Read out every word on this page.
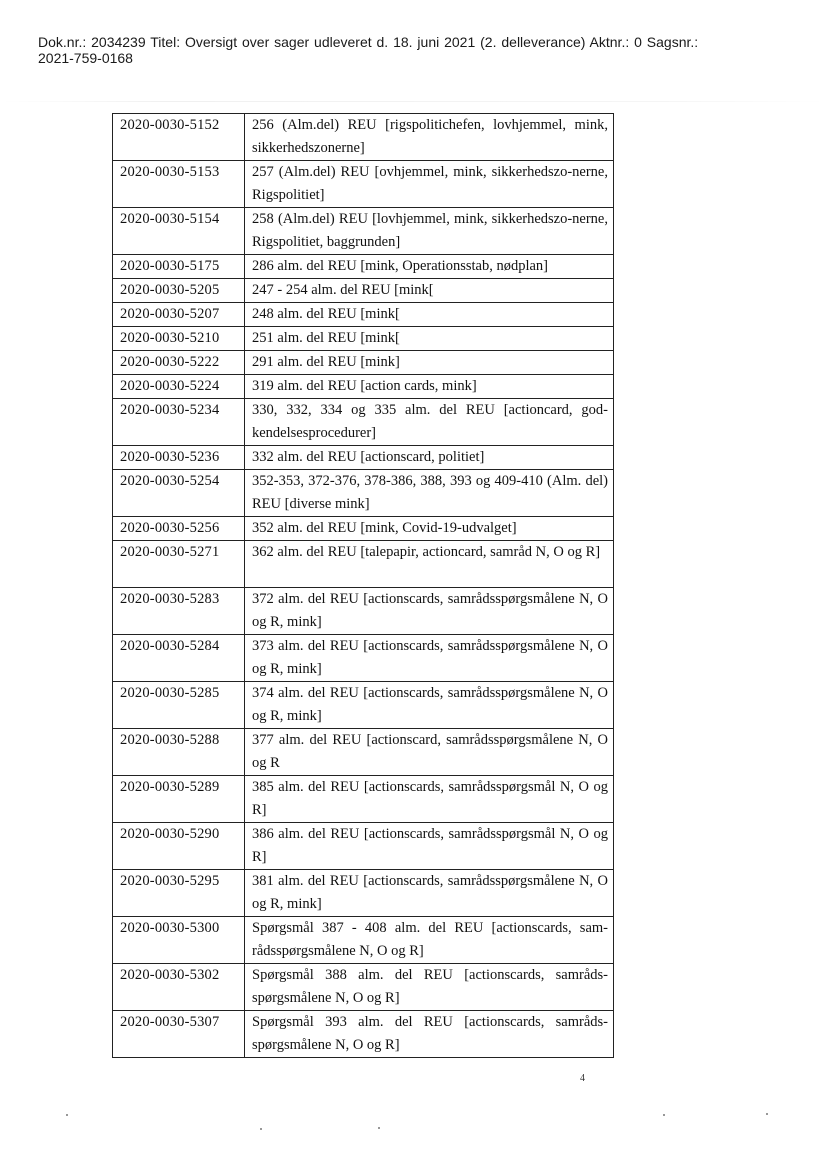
Dok.nr.: 2034239 Titel: Oversigt over sager udleveret d. 18. juni 2021 (2. delleverance) Aktnr.: 0 Sagsnr.:
2021-759-0168
2020-0030-5152	256 (Alm.del) REU [rigspolitichefen, lovhjemmel, mink, sikkerhedszonerne]
2020-0030-5153	257 (Alm.del) REU [ovhjemmel, mink, sikkerhedszo-nerne, Rigspolitiet]
2020-0030-5154	258 (Alm.del) REU [lovhjemmel, mink, sikkerhedszo-nerne, Rigspolitiet, baggrunden]
2020-0030-5175	286 alm. del REU [mink, Operationsstab, nødplan]
2020-0030-5205	247 - 254 alm. del REU [mink[
2020-0030-5207	248 alm. del REU [mink[
2020-0030-5210	251 alm. del REU [mink[
2020-0030-5222	291 alm. del REU [mink]
2020-0030-5224	319 alm. del REU [action cards, mink]
2020-0030-5234	330, 332, 334 og 335 alm. del REU [actioncard, god-kendelsesprocedurer]
2020-0030-5236	332 alm. del REU [actionscard, politiet]
2020-0030-5254	352-353, 372-376, 378-386, 388, 393 og 409-410 (Alm. del) REU [diverse mink]
2020-0030-5256	352 alm. del REU [mink, Covid-19-udvalget]
2020-0030-5271	362 alm. del REU [talepapir, actioncard, samråd N, O og R]
2020-0030-5283	372 alm. del REU [actionscards, samrådsspørgsmålene N, O og R, mink]
2020-0030-5284	373 alm. del REU [actionscards, samrådsspørgsmålene N, O og R, mink]
2020-0030-5285	374 alm. del REU [actionscards, samrådsspørgsmålene N, O og R, mink]
2020-0030-5288	377 alm. del REU [actionscard, samrådsspørgsmålene N, O og R
2020-0030-5289	385 alm. del REU [actionscards, samrådsspørgsmål N, O og R]
2020-0030-5290	386 alm. del REU [actionscards, samrådsspørgsmål N, O og R]
2020-0030-5295	381 alm. del REU [actionscards, samrådsspørgsmålene N, O og R, mink]
2020-0030-5300	Spørgsmål 387 - 408 alm. del REU [actionscards, sam-rådsspørgsmålene N, O og R]
2020-0030-5302	Spørgsmål 388 alm. del REU [actionscards, samråds-spørgsmålene N, O og R]
2020-0030-5307	Spørgsmål 393 alm. del REU [actionscards, samråds-spørgsmålene N, O og R]
4
